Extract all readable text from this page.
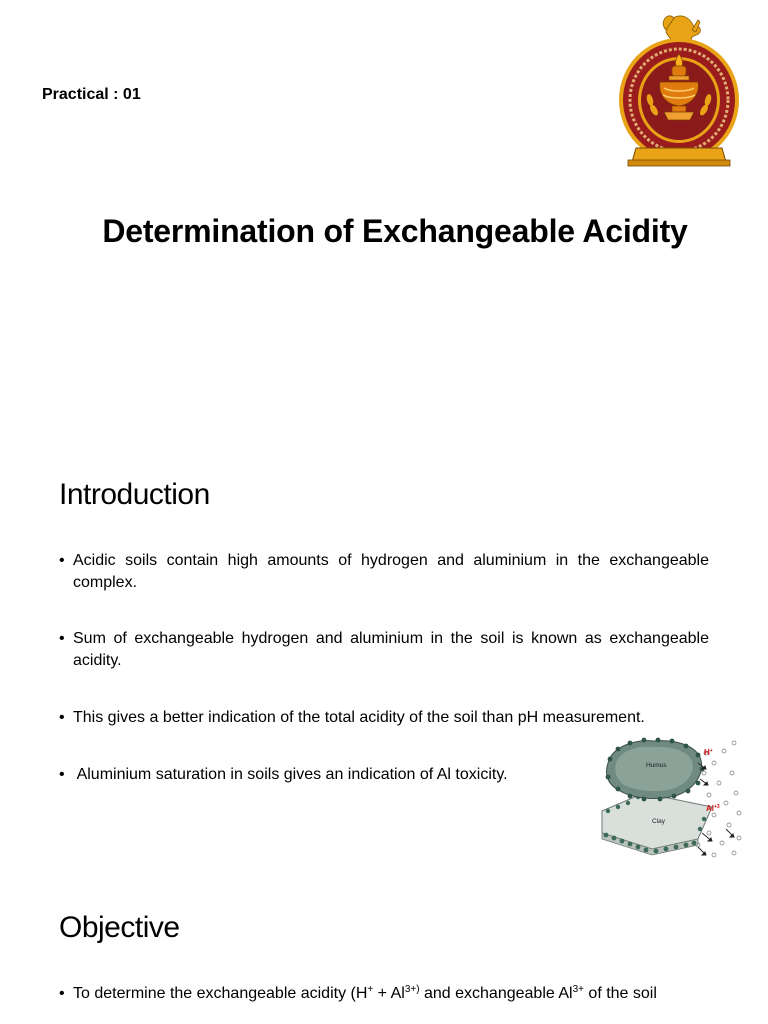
Practical : 01
Determination of Exchangeable Acidity
Introduction
• Acidic soils contain high amounts of hydrogen and aluminium in the exchangeable complex.
• Sum of exchangeable hydrogen and aluminium in the soil is known as exchangeable acidity.
• This gives a better indication of the total acidity of the soil than pH measurement.
• Aluminium saturation in soils gives an indication of Al toxicity.
Humus
Clay
H+
$Al^{+3}$
Objective
• To determine the exchangeable acidity ($H^+ + Al^{3+)}$ and exchangeable $Al^{3+}$ of the soil
